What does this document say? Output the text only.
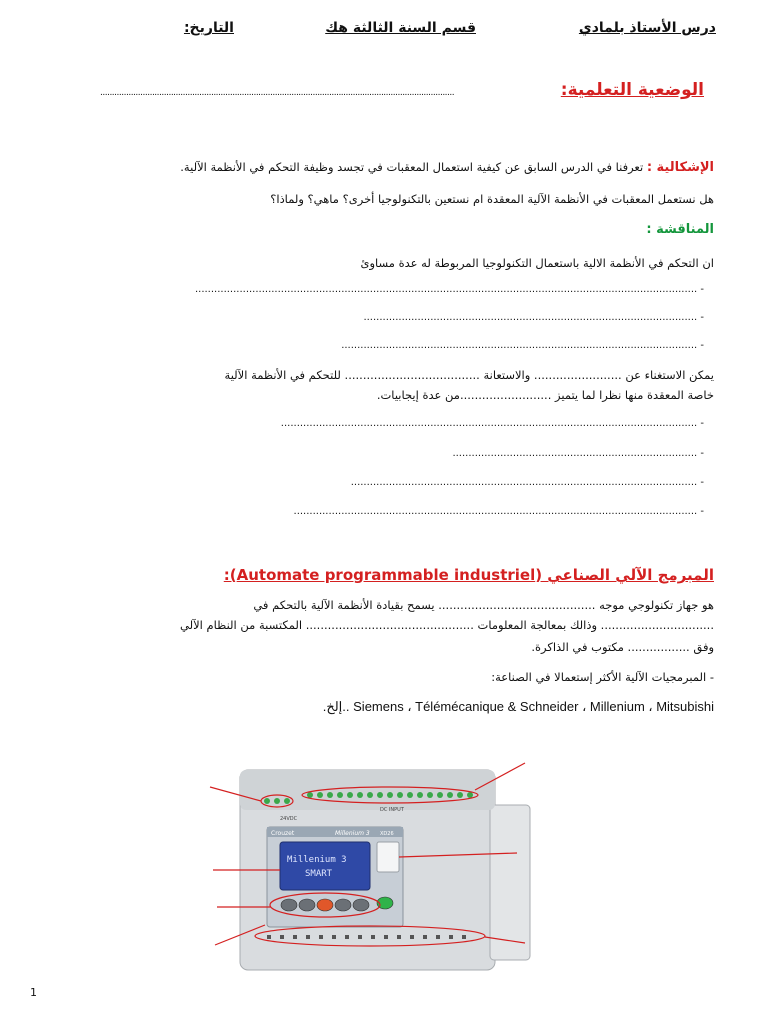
درس الأستاذ بلمادي
قسم السنة الثالثة هك
التاريخ:
الوضعية التعلمية:
......................................................................................................................................................
الإشكالية : تعرفنا في الدرس السابق عن كيفية استعمال المعقبات في تجسد وظيفة التحكم في الأنظمة الآلية.
هل نستعمل المعقبات في الأنظمة الآلية المعقدة ام نستعين بالتكنولوجيا أخرى؟ ماهي؟ ولماذا؟
المناقشة :
ان التحكم في الأنظمة الالية باستعمال التكنولوجيا المربوطة له عدة مساوئ
- ..............................................................................................................................................................
- .........................................................................................................
- ................................................................................................................
يمكن الاستغناء عن ........................ والاستعانة ..................................... للتحكم في الأنظمة الآلية
خاصة المعقدة منها نظرا لما يتميز .........................من عدة إيجابيات.
- ...................................................................................................................................
- .............................................................................
- .............................................................................................................
- ...............................................................................................................................
المبرمج الآلي الصناعي (Automate programmable industriel):
هو جهاز تكنولوجي موجه ........................................... يسمح بقيادة الأنظمة الآلية بالتحكم في
............................... وذالك بمعالجة المعلومات .............................................. المكتسبة من النظام الآلي
وفق ................. مكتوب في الذاكرة.
- المبرمجيات الآلية الأكثر إستعمالا في الصناعة:
Siemens ، Télémécanique & Schneider ، Millenium ، Mitsubishi ..إلخ.
24VDC
DC INPUT
Crouzet	Millenium 3 XD26
Millenium 3
SMART
1
